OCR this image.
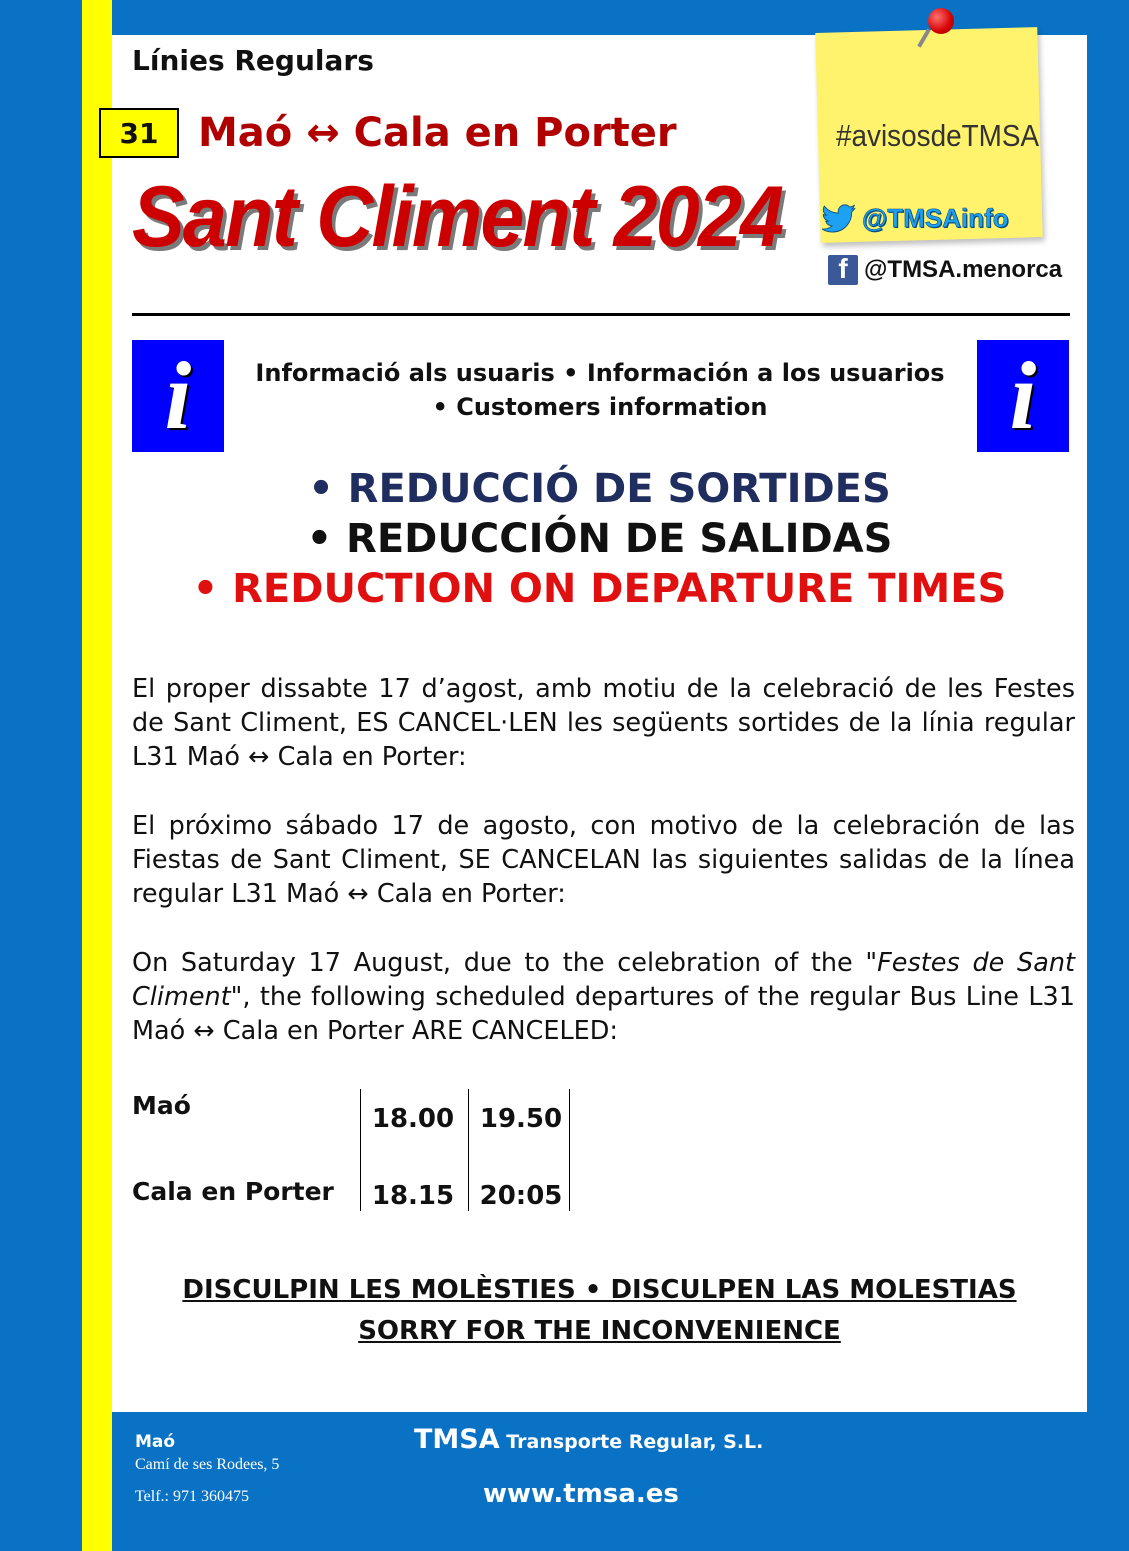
Línies Regulars
31 Maó ↔ Cala en Porter
Sant Climent 2024
#avisosdeTMSA
@TMSAinfo
f @TMSA.menorca
i	i
Informació als usuaris • Información a los usuarios
• Customers information
• REDUCCIÓ DE SORTIDES
• REDUCCIÓN DE SALIDAS
• REDUCTION ON DEPARTURE TIMES
El proper dissabte 17 d’agost, amb motiu de la celebració de les Festes de Sant Climent, ES CANCEL·LEN les següents sortides de la línia regular L31 Maó ↔ Cala en Porter:
El próximo sábado 17 de agosto, con motivo de la celebración de las Fiestas de Sant Climent, SE CANCELAN las siguientes salidas de la línea regular L31 Maó ↔ Cala en Porter:
On Saturday 17 August, due to the celebration of the "Festes de Sant Climent", the following scheduled departures of the regular Bus Line L31 Maó ↔ Cala en Porter ARE CANCELED:
Maó
Cala en Porter
18.00 19.50
18.15 20:05
DISCULPIN LES MOLÈSTIES • DISCULPEN LAS MOLESTIAS
SORRY FOR THE INCONVENIENCE
Maó
Camí de ses Rodees, 5
Telf.: 971 360475
TMSA Transporte Regular, S.L.
www.tmsa.es
